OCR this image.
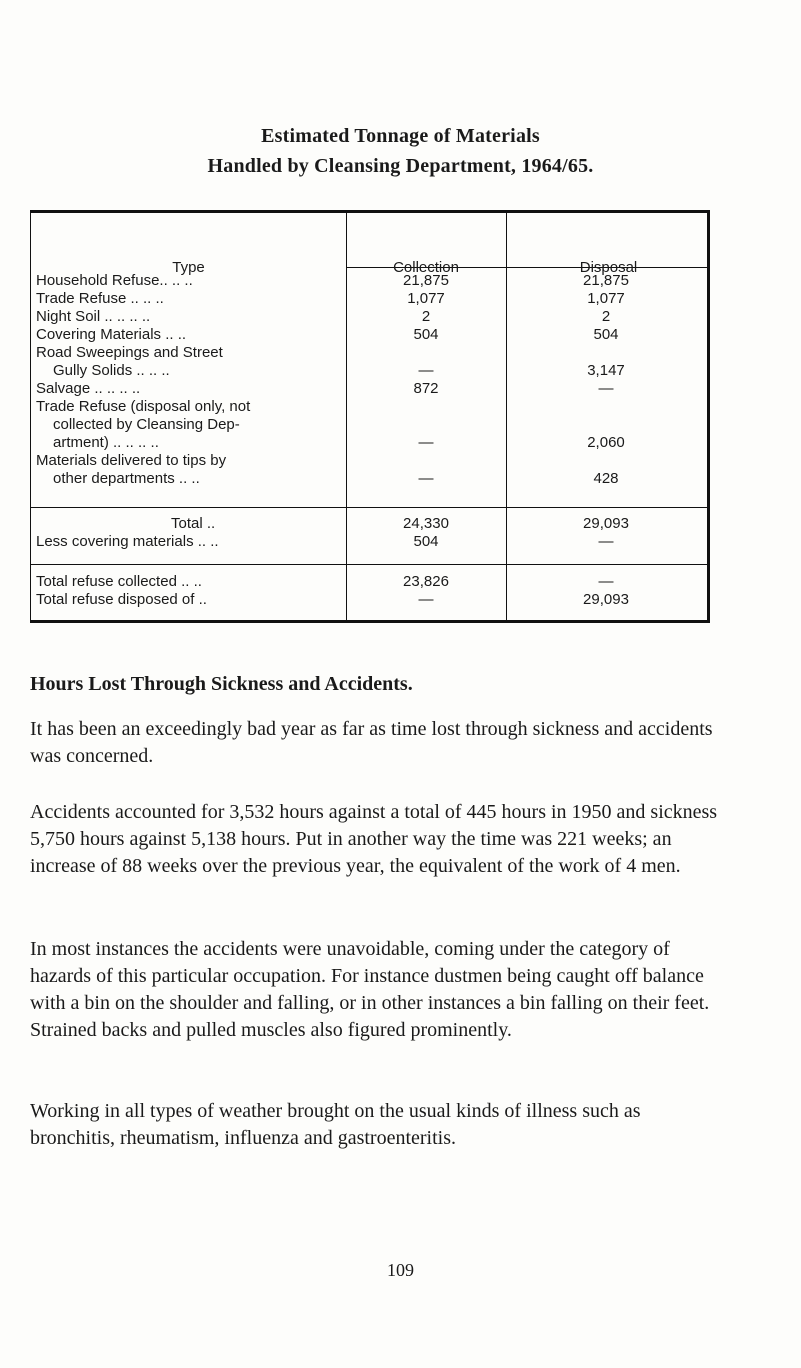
Estimated Tonnage of Materials
Handled by Cleansing Department, 1964/65.
Type	Collection	Disposal
Household Refuse.. .. ..	21,875	21,875
Trade Refuse .. .. ..	1,077	1,077
Night Soil .. .. .. ..	2	2
Covering Materials .. ..	504	504
Road Sweepings and Street
Gully Solids .. .. ..	—	3,147
Salvage .. .. .. ..	872	—
Trade Refuse (disposal only, not
collected by Cleansing Dep-
artment) .. .. .. ..	—	2,060
Materials delivered to tips by
other departments .. ..	—	428
Total ..	24,330	29,093
Less covering materials .. ..	504	—
Total refuse collected .. ..	23,826	—
Total refuse disposed of ..	—	29,093
Hours Lost Through Sickness and Accidents.

It has been an exceedingly bad year as far as time lost through sickness and accidents was concerned.

Accidents accounted for 3,532 hours against a total of 445 hours in 1950 and sickness 5,750 hours against 5,138 hours. Put in another way the time was 221 weeks; an increase of 88 weeks over the previous year, the equivalent of the work of 4 men.

In most instances the accidents were unavoidable, coming under the category of hazards of this particular occupation. For instance dustmen being caught off balance with a bin on the shoulder and falling, or in other instances a bin falling on their feet. Strained backs and pulled muscles also figured prominently.

Working in all types of weather brought on the usual kinds of illness such as bronchitis, rheumatism, influenza and gastroenteritis.

109
